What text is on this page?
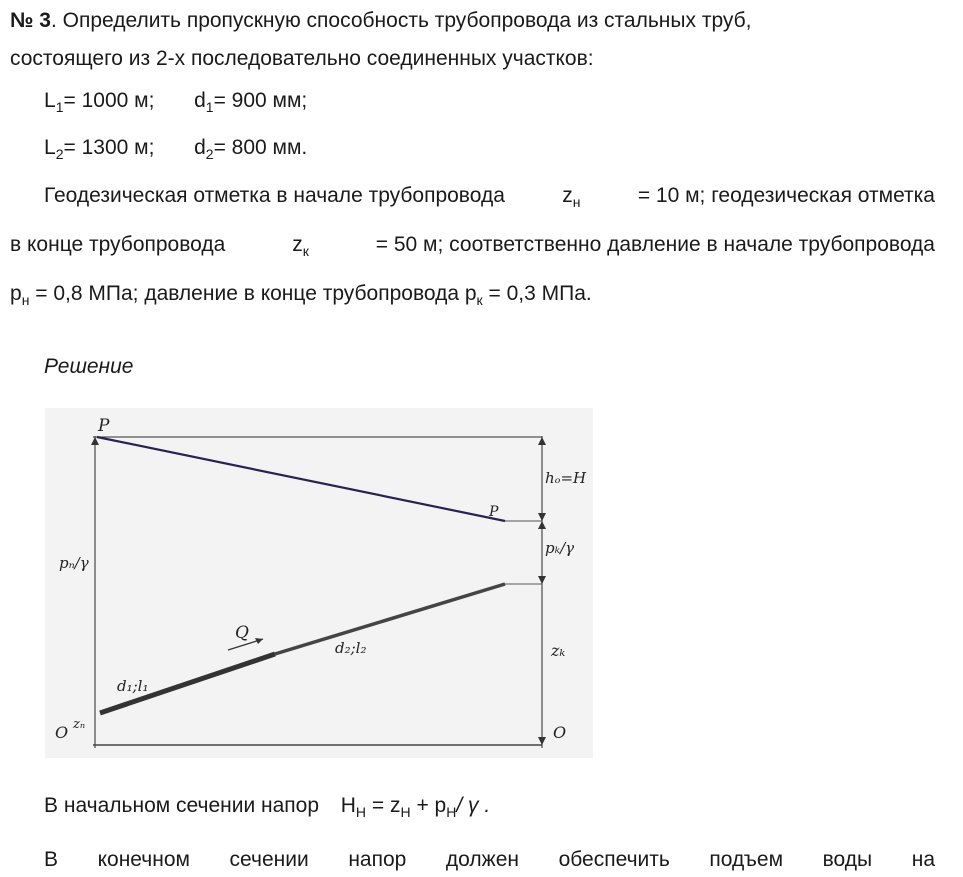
№ 3. Определить пропускную способность трубопровода из стальных труб,
состоящего из 2-х последовательно соединенных участков:
$L_1= 1000$ м; $d_1= 900$ мм;
$L_2= 1300$ м; $d_2= 800$ мм.
Геодезическая отметка в начале трубопровода	$z_н$	= 10 м; геодезическая отметка
в конце трубопровода	$z_к$	= 50 м; соответственно давление в начале трубопровода
$p_н = 0,8$ МПа; давление в конце трубопровода $p_к = 0,3$ МПа.
Решение
P
P
hₒ=H
pₖ/γ
pₙ/γ
Q
d₁;l₁
d₂;l₂	zₖ
zₙ
O	O
В начальном сечении напор $H_Н = z_Н + p_Н/$ γ .
В конечном сечении напор должен обеспечить подъем воды на
